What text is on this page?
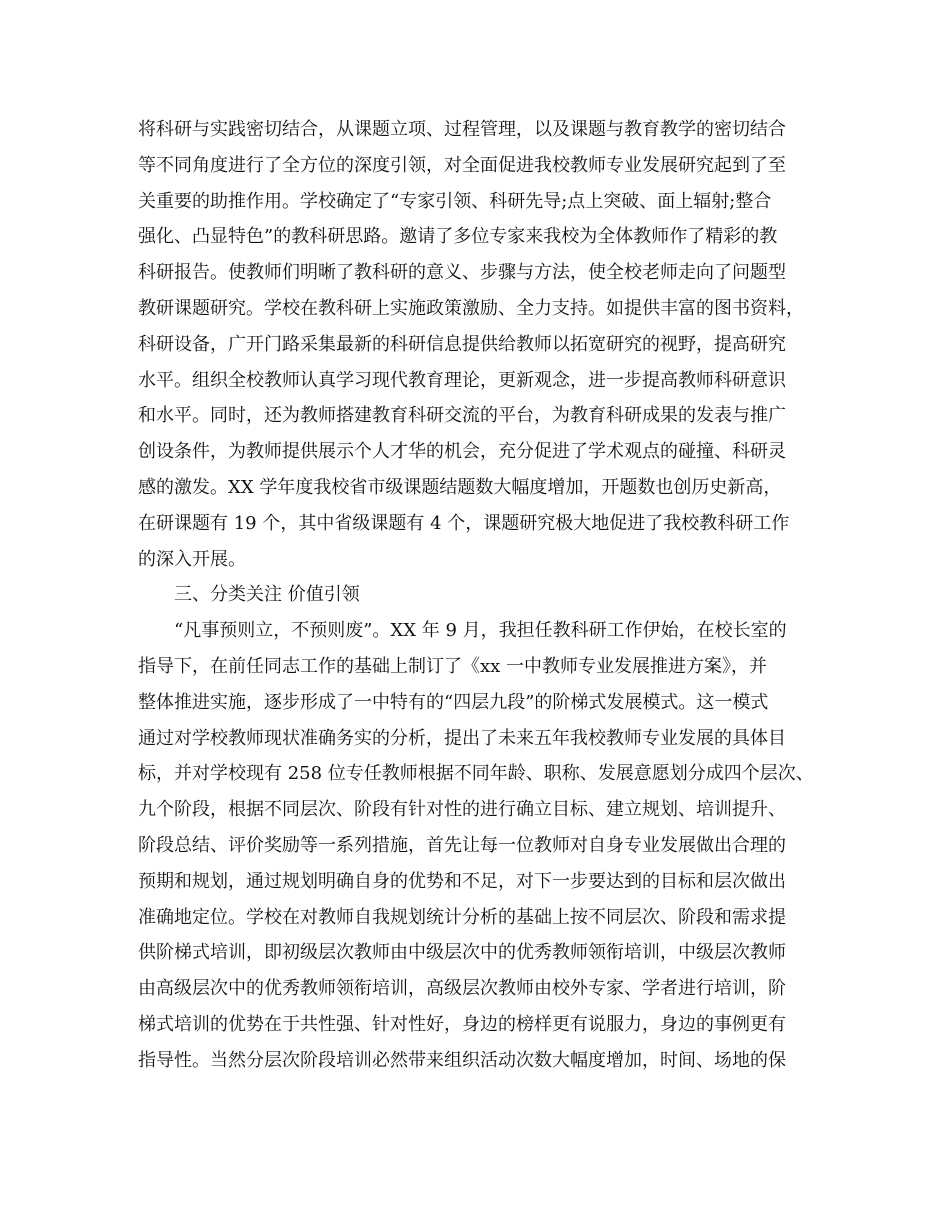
将科研与实践密切结合，从课题立项、过程管理，以及课题与教育教学的密切结合
等不同角度进行了全方位的深度引领，对全面促进我校教师专业发展研究起到了至
关重要的助推作用。学校确定了“专家引领、科研先导;点上突破、面上辐射;整合
强化、凸显特色”的教科研思路。邀请了多位专家来我校为全体教师作了精彩的教
科研报告。使教师们明晰了教科研的意义、步骤与方法，使全校老师走向了问题型
教研课题研究。学校在教科研上实施政策激励、全力支持。如提供丰富的图书资料，
科研设备，广开门路采集最新的科研信息提供给教师以拓宽研究的视野，提高研究
水平。组织全校教师认真学习现代教育理论，更新观念，进一步提高教师科研意识
和水平。同时，还为教师搭建教育科研交流的平台，为教育科研成果的发表与推广
创设条件，为教师提供展示个人才华的机会，充分促进了学术观点的碰撞、科研灵
感的激发。XX 学年度我校省市级课题结题数大幅度增加，开题数也创历史新高，
在研课题有 19 个，其中省级课题有 4 个，课题研究极大地促进了我校教科研工作
的深入开展。
三、分类关注 价值引领
“凡事预则立，不预则废”。XX 年 9 月，我担任教科研工作伊始，在校长室的
指导下，在前任同志工作的基础上制订了《xx 一中教师专业发展推进方案》，并
整体推进实施，逐步形成了一中特有的“四层九段”的阶梯式发展模式。这一模式
通过对学校教师现状准确务实的分析，提出了未来五年我校教师专业发展的具体目
标，并对学校现有 258 位专任教师根据不同年龄、职称、发展意愿划分成四个层次、
九个阶段，根据不同层次、阶段有针对性的进行确立目标、建立规划、培训提升、
阶段总结、评价奖励等一系列措施，首先让每一位教师对自身专业发展做出合理的
预期和规划，通过规划明确自身的优势和不足，对下一步要达到的目标和层次做出
准确地定位。学校在对教师自我规划统计分析的基础上按不同层次、阶段和需求提
供阶梯式培训，即初级层次教师由中级层次中的优秀教师领衔培训，中级层次教师
由高级层次中的优秀教师领衔培训，高级层次教师由校外专家、学者进行培训，阶
梯式培训的优势在于共性强、针对性好，身边的榜样更有说服力，身边的事例更有
指导性。当然分层次阶段培训必然带来组织活动次数大幅度增加，时间、场地的保
